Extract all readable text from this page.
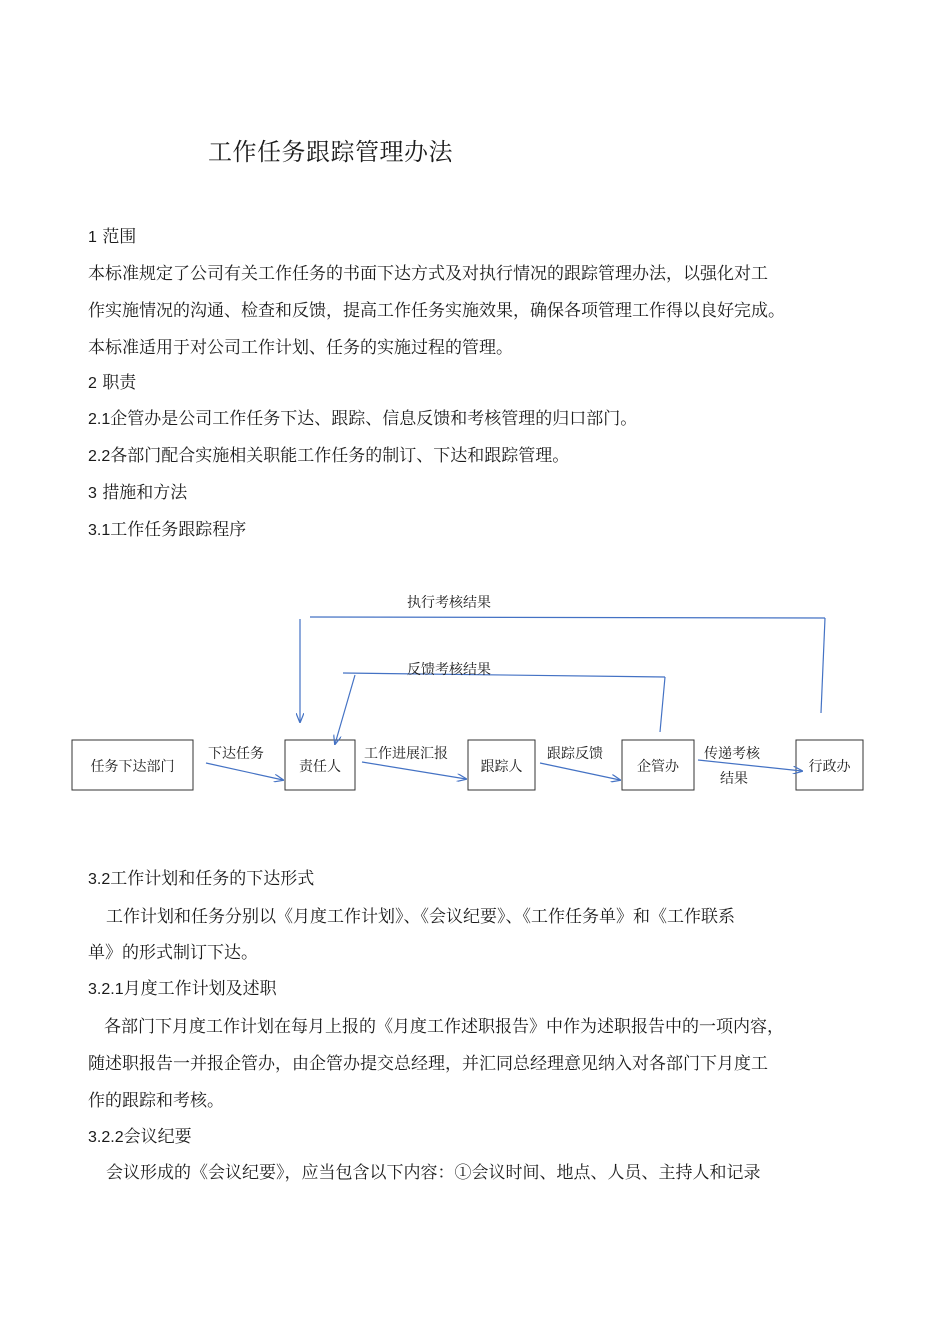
工作任务跟踪管理办法
1 范围
本标准规定了公司有关工作任务的书面下达方式及对执行情况的跟踪管理办法，以强化对工
作实施情况的沟通、检查和反馈，提高工作任务实施效果，确保各项管理工作得以良好完成。
本标准适用于对公司工作计划、任务的实施过程的管理。
2 职责
2.1企管办是公司工作任务下达、跟踪、信息反馈和考核管理的归口部门。
2.2各部门配合实施相关职能工作任务的制订、下达和跟踪管理。
3 措施和方法
3.1工作任务跟踪程序
任务下达部门	责任人	跟踪人	企管办	行政办
下达任务	工作进展汇报	跟踪反馈	传递考核
结果
执行考核结果
反馈考核结果
3.2工作计划和任务的下达形式
工作计划和任务分别以《月度工作计划》、《会议纪要》、《工作任务单》和《工作联系
单》的形式制订下达。
3.2.1月度工作计划及述职
各部门下月度工作计划在每月上报的《月度工作述职报告》中作为述职报告中的一项内容，
随述职报告一并报企管办，由企管办提交总经理，并汇同总经理意见纳入对各部门下月度工
作的跟踪和考核。
3.2.2会议纪要
会议形成的《会议纪要》，应当包含以下内容：①会议时间、地点、人员、主持人和记录
